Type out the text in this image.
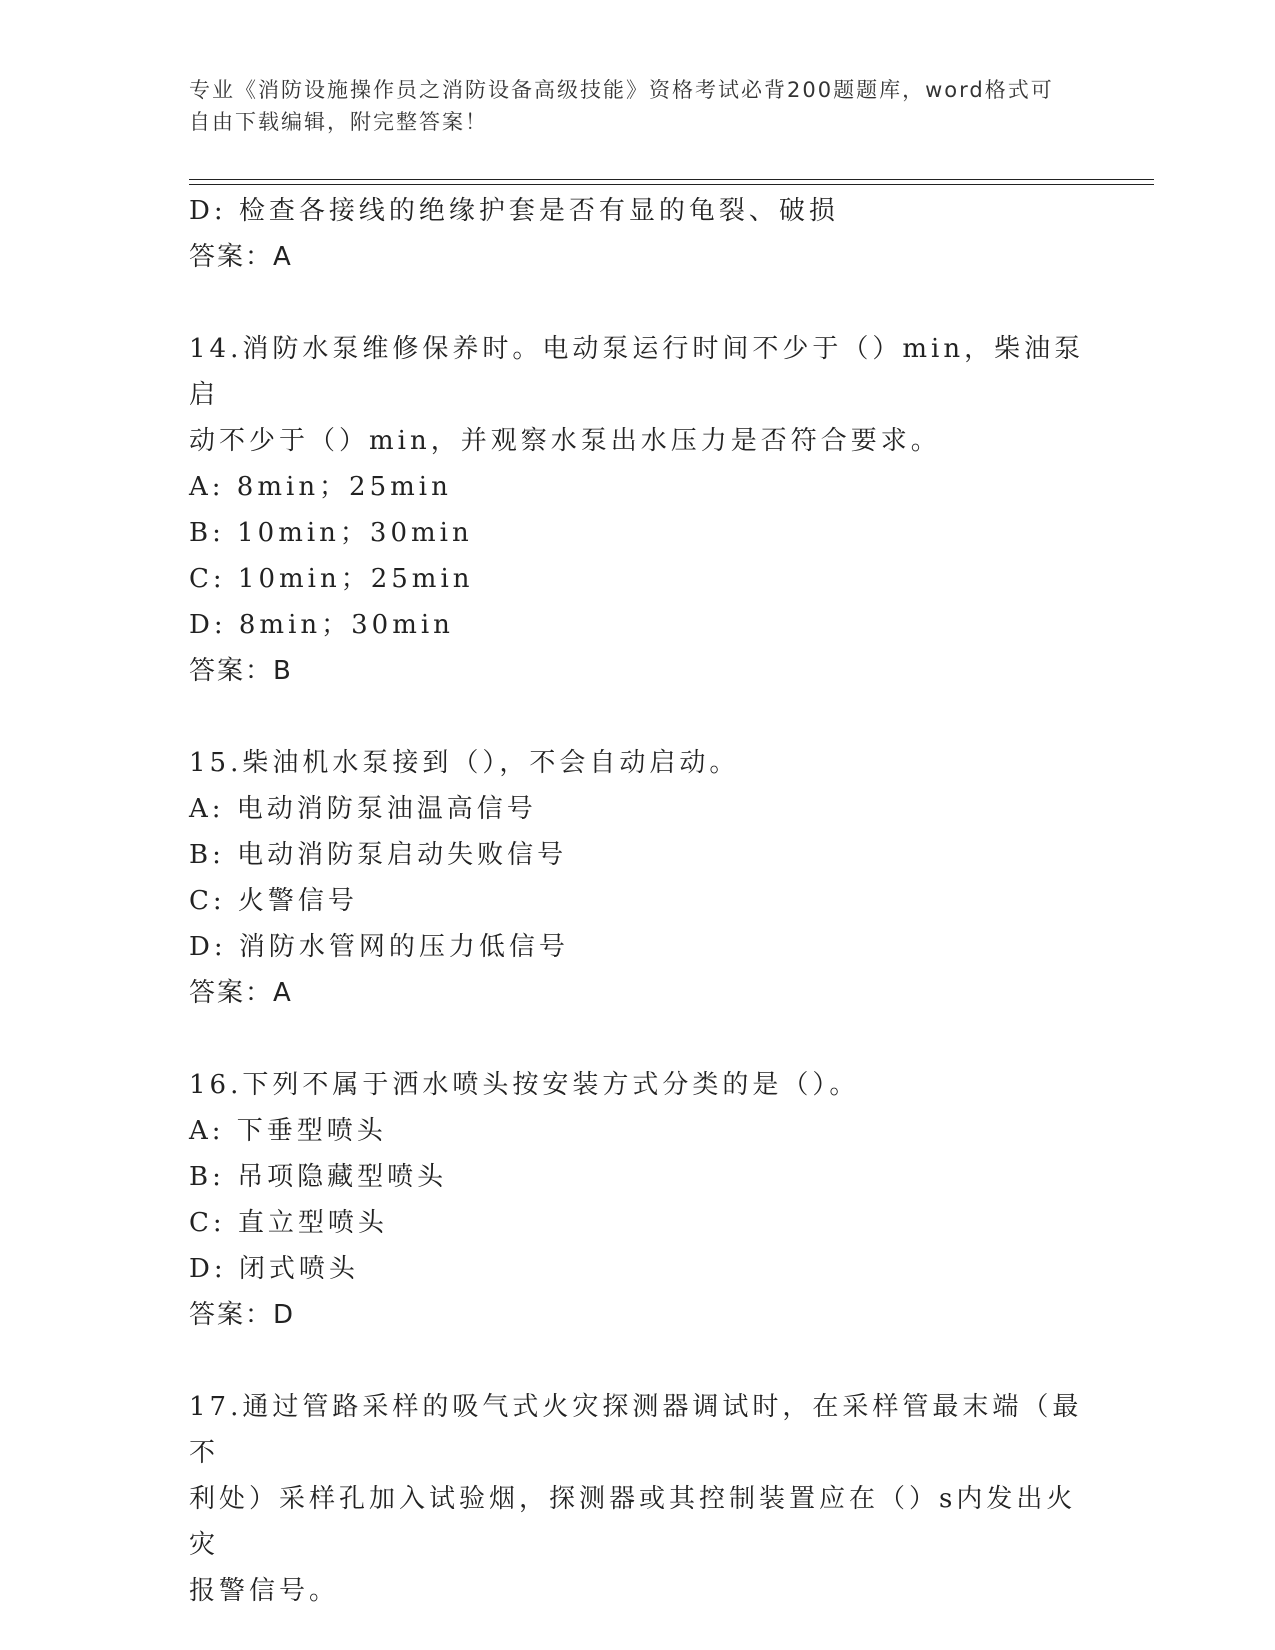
专业《消防设施操作员之消防设备高级技能》资格考试必背200题题库，word格式可自由下载编辑，附完整答案！

D: 检查各接线的绝缘护套是否有显的龟裂、破损

答案：A

14.消防水泵维修保养时。电动泵运行时间不少于（）min，柴油泵启

动不少于（）min，并观察水泵出水压力是否符合要求。

A: 8min；25min

B: 10min；30min

C: 10min；25min

D: 8min；30min

答案：B

15.柴油机水泵接到（），不会自动启动。

A: 电动消防泵油温高信号

B: 电动消防泵启动失败信号

C: 火警信号

D: 消防水管网的压力低信号

答案：A

16.下列不属于洒水喷头按安装方式分类的是（）。

A: 下垂型喷头

B: 吊项隐藏型喷头

C: 直立型喷头

D: 闭式喷头

答案：D

17.通过管路采样的吸气式火灾探测器调试时，在采样管最末端（最不

利处）采样孔加入试验烟，探测器或其控制装置应在（）s内发出火灾

报警信号。
